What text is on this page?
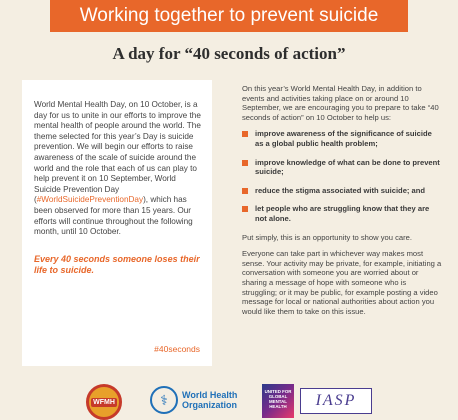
Working together to prevent suicide
A day for “40 seconds of action”
World Mental Health Day, on 10 October, is a day for us to unite in our efforts to improve the mental health of people around the world. The theme selected for this year’s Day is suicide prevention. We will begin our efforts to raise awareness of the scale of suicide around the world and the role that each of us can play to help prevent it on 10 September, World Suicide Prevention Day (#WorldSuicidePreventionDay), which has been observed for more than 15 years. Our efforts will continue throughout the following month, until 10 October.
Every 40 seconds someone loses their life to suicide.
#40seconds

On this year’s World Mental Health Day, in addition to events and activities taking place on or around 10 September, we are encouraging you to prepare to take “40 seconds of action” on 10 October to help us:

improve awareness of the significance of suicide as a global public health problem;
improve knowledge of what can be done to prevent suicide;
reduce the stigma associated with suicide; and
let people who are struggling know that they are not alone.

Put simply, this is an opportunity to show you care.

Everyone can take part in whichever way makes most sense. Your activity may be private, for example, initiating a conversation with someone you are worried about or sharing a message of hope with someone who is struggling; or it may be public, for example posting a video message for local or national authorities about action you would like them to take on this issue.

WFMH	⚕	World Health
Organization
UNITED FOR GLOBAL MENTAL HEALTH	IASP
